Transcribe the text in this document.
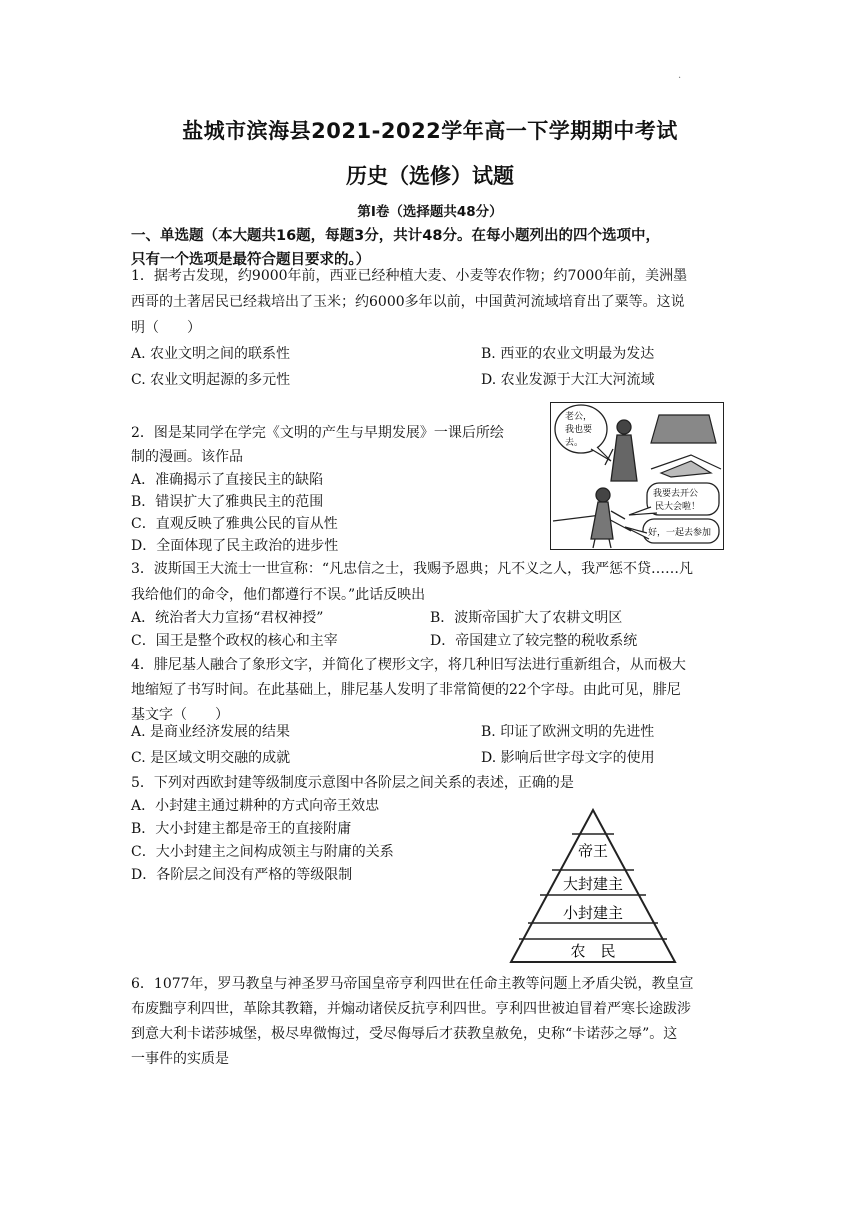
.
盐城市滨海县2021-2022学年高一下学期期中考试
历史（选修）试题
第Ⅰ卷（选择题共48分）
一、单选题（本大题共16题，每题3分，共计48分。在每小题列出的四个选项中，
只有一个选项是最符合题目要求的。）
1．据考古发现，约9000年前，西亚已经种植大麦、小麦等农作物；约7000年前，美洲墨
西哥的土著居民已经栽培出了玉米；约6000多年以前，中国黄河流域培育出了粟等。这说
明（　　）
A. 农业文明之间的联系性	B. 西亚的农业文明最为发达
C. 农业文明起源的多元性	D. 农业发源于大江大河流域
2．图是某同学在学完《文明的产生与早期发展》一课后所绘
制的漫画。该作品
A．准确揭示了直接民主的缺陷
B．错误扩大了雅典民主的范围
C．直观反映了雅典公民的盲从性
D．全面体现了民主政治的进步性
老公，
我也要
去。
我要去开公
民大会啦！
好，一起去参加
3．波斯国王大流士一世宣称：“凡忠信之士，我赐予恩典；凡不义之人，我严惩不贷……凡
我给他们的命令，他们都遵行不误。”此话反映出
A．统治者大力宣扬“君权神授”	B．波斯帝国扩大了农耕文明区
C．国王是整个政权的核心和主宰	D．帝国建立了较完整的税收系统
4．腓尼基人融合了象形文字，并简化了楔形文字，将几种旧写法进行重新组合，从而极大
地缩短了书写时间。在此基础上，腓尼基人发明了非常简便的22个字母。由此可见，腓尼
基文字（　　）
A. 是商业经济发展的结果	B. 印证了欧洲文明的先进性
C. 是区域文明交融的成就	D. 影响后世字母文字的使用
5．下列对西欧封建等级制度示意图中各阶层之间关系的表述，正确的是
A．小封建主通过耕种的方式向帝王效忠
B．大小封建主都是帝王的直接附庸
C．大小封建主之间构成领主与附庸的关系
D．各阶层之间没有严格的等级限制
帝王
大封建主
小封建主
农　民
6．1077年，罗马教皇与神圣罗马帝国皇帝亨利四世在任命主教等问题上矛盾尖锐，教皇宣
布废黜亨利四世，革除其教籍，并煽动诸侯反抗亨利四世。亨利四世被迫冒着严寒长途跋涉
到意大利卡诺莎城堡，极尽卑微悔过，受尽侮辱后才获教皇赦免，史称“卡诺莎之辱”。这
一事件的实质是
